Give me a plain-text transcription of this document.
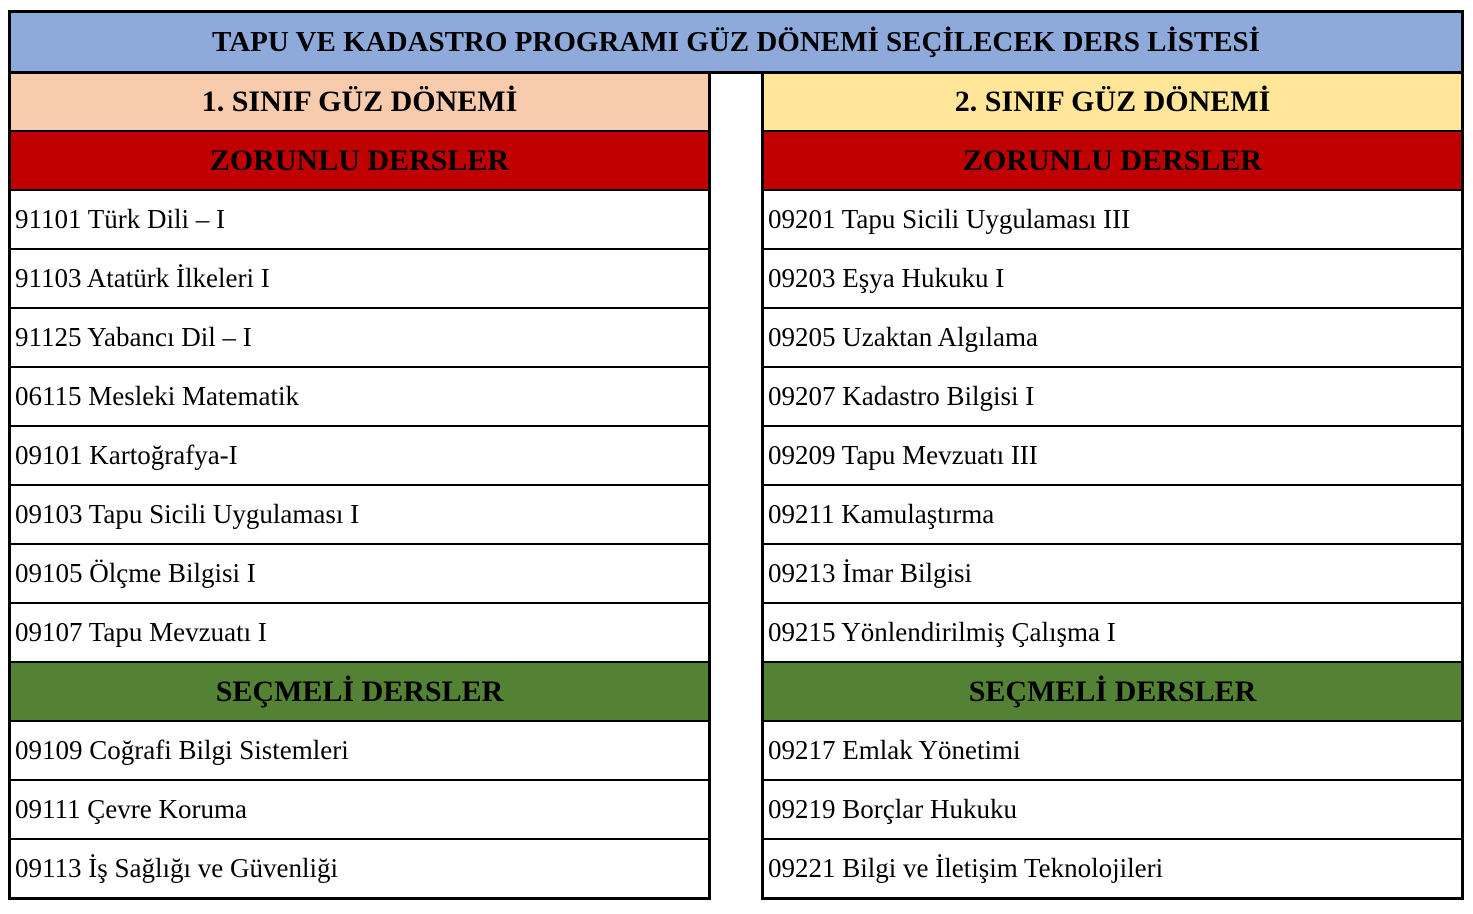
TAPU VE KADASTRO PROGRAMI GÜZ DÖNEMİ SEÇİLECEK DERS LİSTESİ
1. SINIF GÜZ DÖNEMİ
ZORUNLU DERSLER
91101 Türk Dili – I
91103 Atatürk İlkeleri I
91125 Yabancı Dil – I
06115 Mesleki Matematik
09101 Kartoğrafya-I
09103 Tapu Sicili Uygulaması I
09105 Ölçme Bilgisi I
09107 Tapu Mevzuatı I
SEÇMELİ DERSLER
09109 Coğrafi Bilgi Sistemleri
09111 Çevre Koruma
09113 İş Sağlığı ve Güvenliği
2. SINIF GÜZ DÖNEMİ
ZORUNLU DERSLER
09201 Tapu Sicili Uygulaması III
09203 Eşya Hukuku I
09205 Uzaktan Algılama
09207 Kadastro Bilgisi I
09209 Tapu Mevzuatı III
09211 Kamulaştırma
09213 İmar Bilgisi
09215 Yönlendirilmiş Çalışma I
SEÇMELİ DERSLER
09217 Emlak Yönetimi
09219 Borçlar Hukuku
09221 Bilgi ve İletişim Teknolojileri
